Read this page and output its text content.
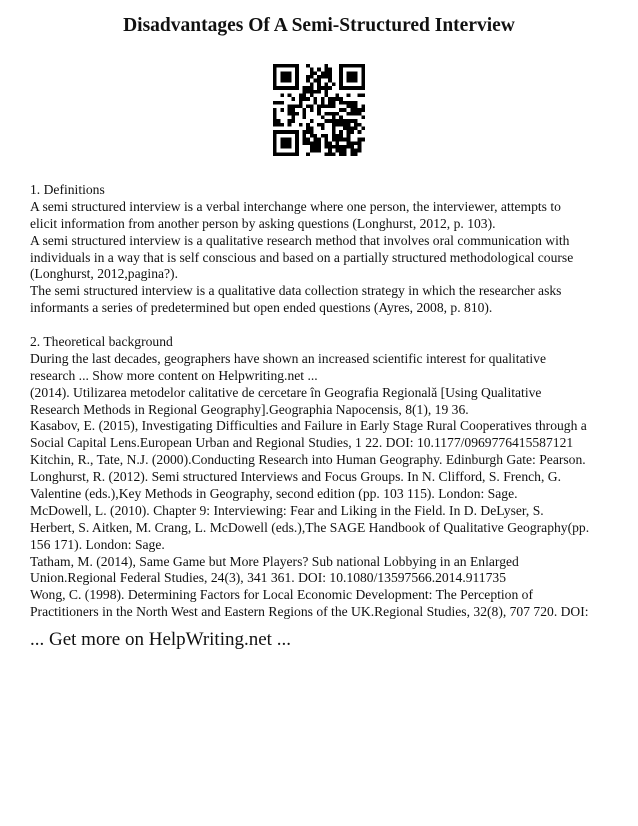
Disadvantages Of A Semi-Structured Interview
1. Definitions
A semi structured interview is a verbal interchange where one person, the interviewer, attempts to
elicit information from another person by asking questions (Longhurst, 2012, p. 103).
A semi structured interview is a qualitative research method that involves oral communication with
individuals in a way that is self conscious and based on a partially structured methodological course
(Longhurst, 2012,pagina?).
The semi structured interview is a qualitative data collection strategy in which the researcher asks
informants a series of predetermined but open ended questions (Ayres, 2008, p. 810).
2. Theoretical background
During the last decades, geographers have shown an increased scientific interest for qualitative
research ... Show more content on Helpwriting.net ...
(2014). Utilizarea metodelor calitative de cercetare în Geografia Regională [Using Qualitative
Research Methods in Regional Geography].Geographia Napocensis, 8(1), 19 36.
Kasabov, E. (2015), Investigating Difficulties and Failure in Early Stage Rural Cooperatives through a
Social Capital Lens.European Urban and Regional Studies, 1 22. DOI: 10.1177/0969776415587121
Kitchin, R., Tate, N.J. (2000).Conducting Research into Human Geography. Edinburgh Gate: Pearson.
Longhurst, R. (2012). Semi structured Interviews and Focus Groups. In N. Clifford, S. French, G.
Valentine (eds.),Key Methods in Geography, second edition (pp. 103 115). London: Sage.
McDowell, L. (2010). Chapter 9: Interviewing: Fear and Liking in the Field. In D. DeLyser, S.
Herbert, S. Aitken, M. Crang, L. McDowell (eds.),The SAGE Handbook of Qualitative Geography(pp.
156 171). London: Sage.
Tatham, M. (2014), Same Game but More Players? Sub national Lobbying in an Enlarged
Union.Regional Federal Studies, 24(3), 341 361. DOI: 10.1080/13597566.2014.911735
Wong, C. (1998). Determining Factors for Local Economic Development: The Perception of
Practitioners in the North West and Eastern Regions of the UK.Regional Studies, 32(8), 707 720. DOI:
... Get more on HelpWriting.net ...
